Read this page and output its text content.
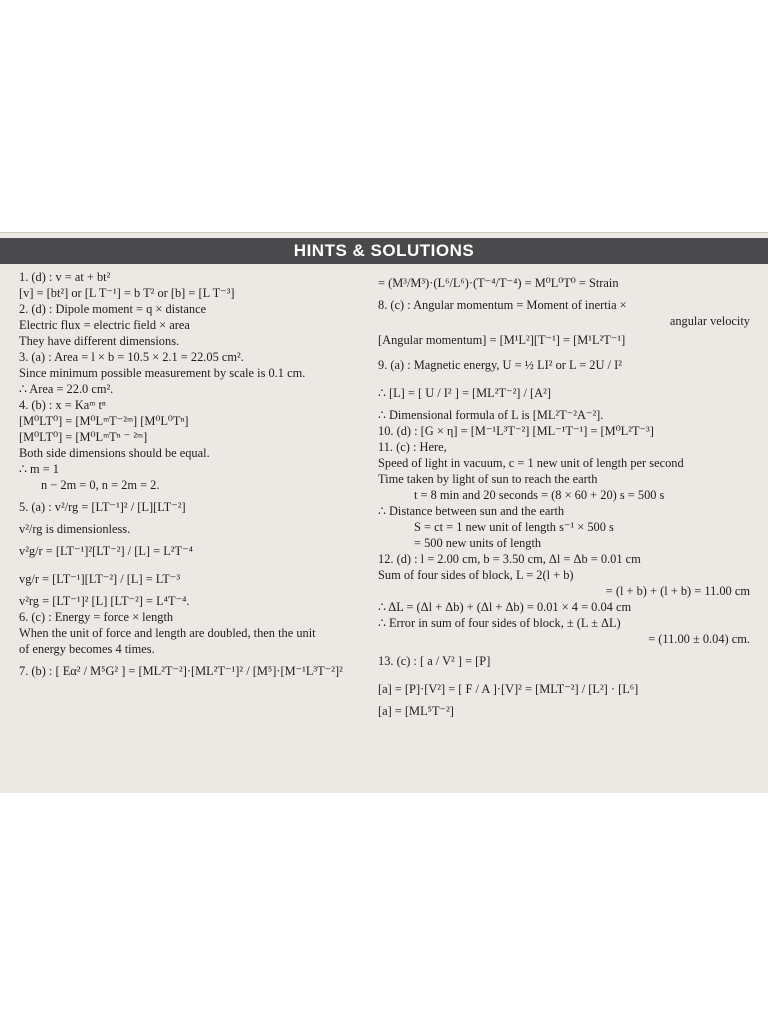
HINTS & SOLUTIONS
1. (d) : v = at + bt²
[v] = [bt²] or [L T⁻¹] = b T² or [b] = [L T⁻³]
2. (d) : Dipole moment = q × distance
Electric flux = electric field × area
They have different dimensions.
3. (a) : Area = l × b = 10.5 × 2.1 = 22.05 cm².
Since minimum possible measurement by scale is 0.1 cm.
∴ Area = 22.0 cm².
4. (b) : x = Kaᵐ tⁿ
[M⁰LT⁰] = [M⁰LᵐT⁻²ᵐ] [M⁰L⁰Tⁿ]
[M⁰LT⁰] = [M⁰LᵐTⁿ ⁻ ²ᵐ]
Both side dimensions should be equal.
∴ m = 1
n − 2m = 0, n = 2m = 2.
5. (a) : v²/rg = [LT⁻¹]² / [L][LT⁻²]
v²/rg is dimensionless.
v²g/r = [LT⁻¹]²[LT⁻²] / [L] = L²T⁻⁴
vg/r = [LT⁻¹][LT⁻²] / [L] = LT⁻³
v²rg = [LT⁻¹]² [L] [LT⁻²] = L⁴T⁻⁴.
6. (c) : Energy = force × length
When the unit of force and length are doubled, then the unit
of energy becomes 4 times.
7. (b) : [ Eα² / M⁵G² ] = [ML²T⁻²]·[ML²T⁻¹]² / [M⁵]·[M⁻¹L³T⁻²]²
= (M³/M³)·(L⁶/L⁶)·(T⁻⁴/T⁻⁴) = M⁰L⁰T⁰ = Strain
8. (c) : Angular momentum = Moment of inertia ×
angular velocity
[Angular momentum] = [M¹L²][T⁻¹] = [M¹L²T⁻¹]
9. (a) : Magnetic energy, U = ½ LI² or L = 2U / I²
∴ [L] = [ U / I² ] = [ML²T⁻²] / [A²]
∴ Dimensional formula of L is [ML²T⁻²A⁻²].
10. (d) : [G × η] = [M⁻¹L³T⁻²] [ML⁻¹T⁻¹] = [M⁰L²T⁻³]
11. (c) : Here,
Speed of light in vacuum, c = 1 new unit of length per second
Time taken by light of sun to reach the earth
t = 8 min and 20 seconds = (8 × 60 + 20) s = 500 s
∴ Distance between sun and the earth
S = ct = 1 new unit of length s⁻¹ × 500 s
= 500 new units of length
12. (d) : l = 2.00 cm, b = 3.50 cm, Δl = Δb = 0.01 cm
Sum of four sides of block, L = 2(l + b)
= (l + b) + (l + b) = 11.00 cm
∴ ΔL = (Δl + Δb) + (Δl + Δb) = 0.01 × 4 = 0.04 cm
∴ Error in sum of four sides of block, ± (L ± ΔL)
= (11.00 ± 0.04) cm.
13. (c) : [ a / V² ] = [P]
[a] = [P]·[V²] = [ F / A ]·[V]² = [MLT⁻²] / [L²] · [L⁶]
[a] = [ML⁵T⁻²]
